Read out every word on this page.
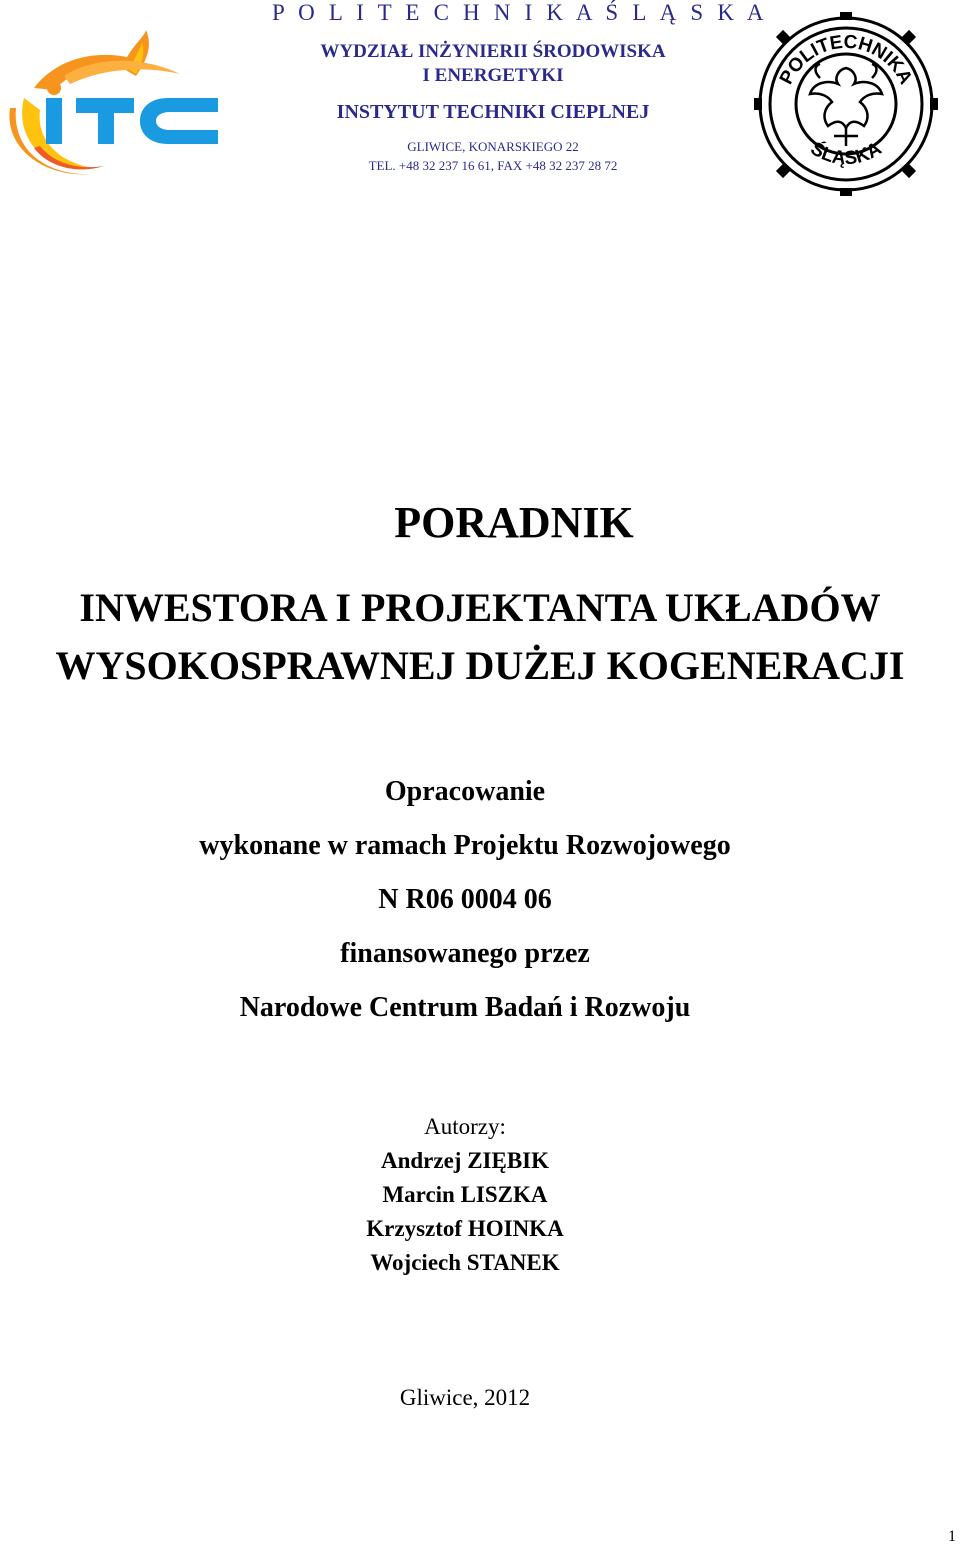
P O L I T E C H N I K A Ś L Ą S K A
WYDZIAŁ INŻYNIERII ŚRODOWISKA
I ENERGETYKI
INSTYTUT TECHNIKI CIEPLNEJ
GLIWICE, KONARSKIEGO 22
TEL. +48 32 237 16 61, FAX +48 32 237 28 72
POLITECHNIKA
ŚLĄSKA
PORADNIK
INWESTORA I PROJEKTANTA UKŁADÓW
WYSOKOSPRAWNEJ DUŻEJ KOGENERACJI
Opracowanie
wykonane w ramach Projektu Rozwojowego
N R06 0004 06
finansowanego przez
Narodowe Centrum Badań i Rozwoju
Autorzy:
Andrzej ZIĘBIK
Marcin LISZKA
Krzysztof HOINKA
Wojciech STANEK
Gliwice, 2012
1
